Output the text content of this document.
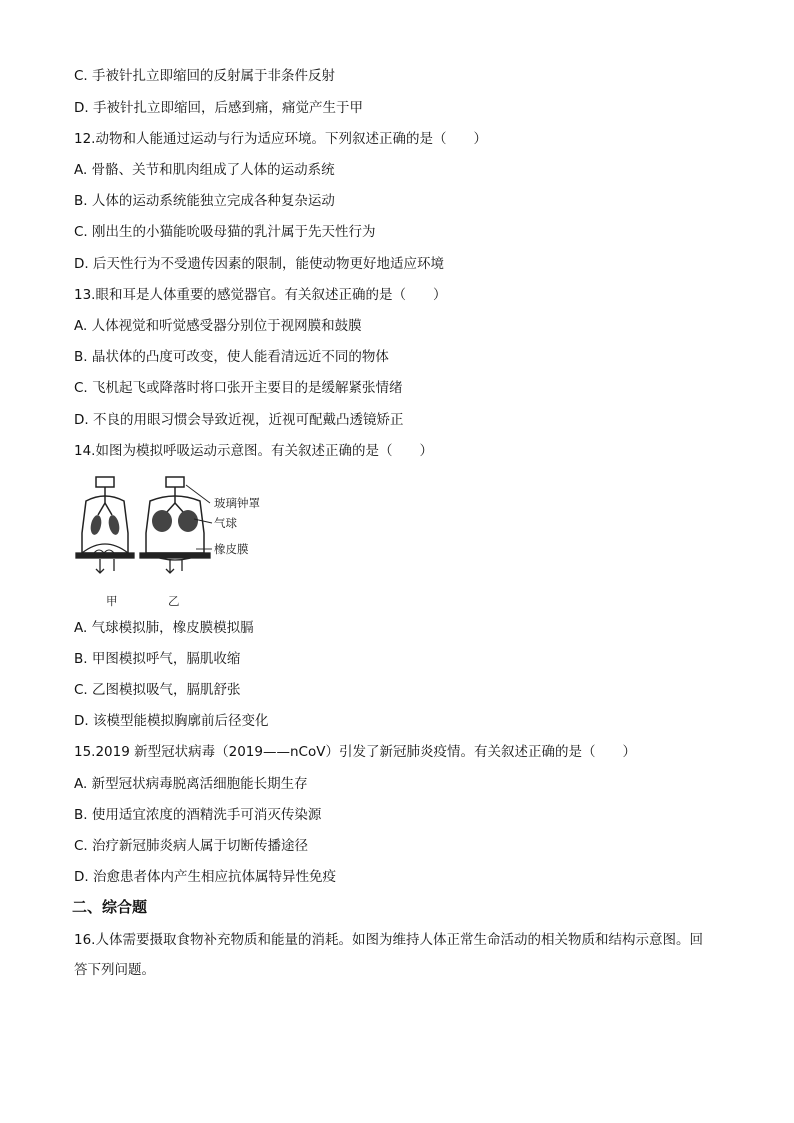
C. 手被针扎立即缩回的反射属于非条件反射
D. 手被针扎立即缩回，后感到痛，痛觉产生于甲
12.动物和人能通过运动与行为适应环境。下列叙述正确的是（　　）
A. 骨骼、关节和肌肉组成了人体的运动系统
B. 人体的运动系统能独立完成各种复杂运动
C. 刚出生的小猫能吮吸母猫的乳汁属于先天性行为
D. 后天性行为不受遗传因素的限制，能使动物更好地适应环境
13.眼和耳是人体重要的感觉器官。有关叙述正确的是（　　）
A. 人体视觉和听觉感受器分别位于视网膜和鼓膜
B. 晶状体的凸度可改变，使人能看清远近不同的物体
C. 飞机起飞或降落时将口张开主要目的是缓解紧张情绪
D. 不良的用眼习惯会导致近视，近视可配戴凸透镜矫正
14.如图为模拟呼吸运动示意图。有关叙述正确的是（　　）
玻璃钟罩
气球
橡皮膜
甲	乙
A. 气球模拟肺，橡皮膜模拟膈
B. 甲图模拟呼气，膈肌收缩
C. 乙图模拟吸气，膈肌舒张
D. 该模型能模拟胸廓前后径变化
15.2019 新型冠状病毒（2019——nCoV）引发了新冠肺炎疫情。有关叙述正确的是（　　）
A. 新型冠状病毒脱离活细胞能长期生存
B. 使用适宜浓度的酒精洗手可消灭传染源
C. 治疗新冠肺炎病人属于切断传播途径
D. 治愈患者体内产生相应抗体属特异性免疫
二、综合题
16.人体需要摄取食物补充物质和能量的消耗。如图为维持人体正常生命活动的相关物质和结构示意图。回
答下列问题。
